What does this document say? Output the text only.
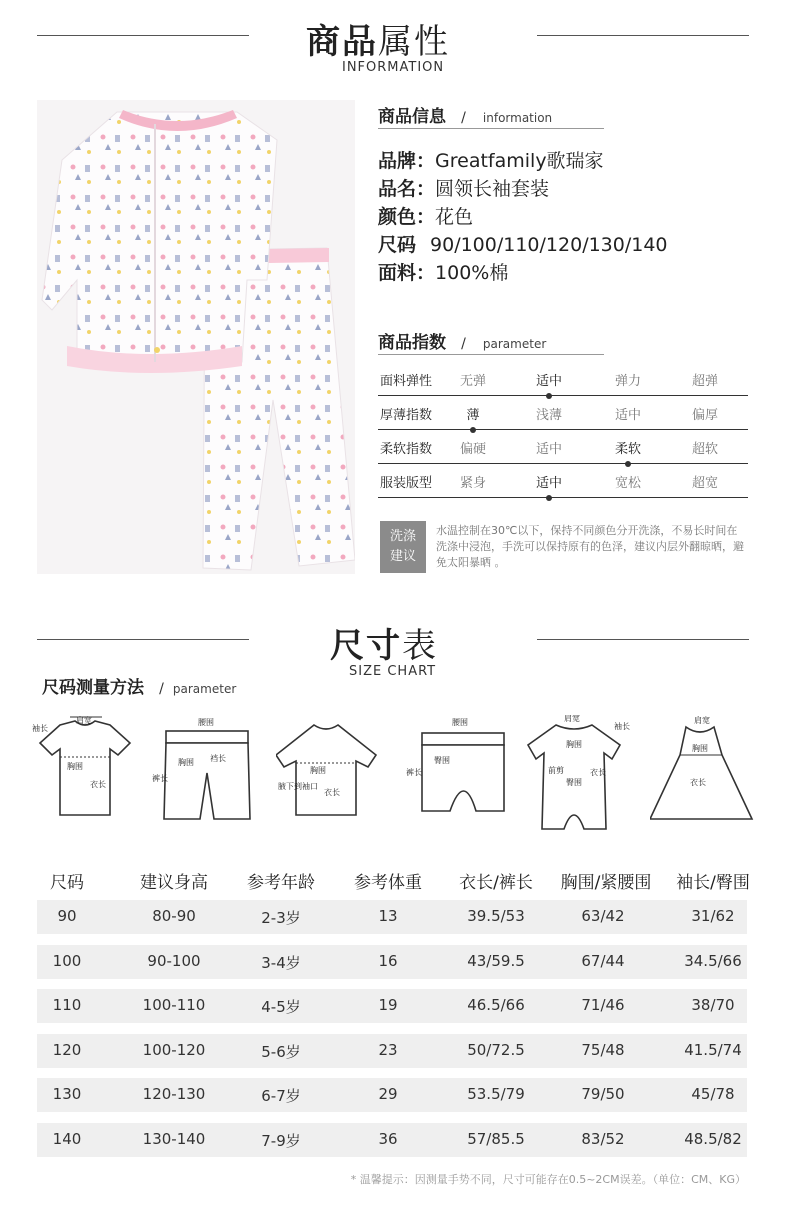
商品属性
INFORMATION
商品信息 / information
品牌：Greatfamily歌瑞家
品名：圆领长袖套装
颜色：花色
尺码 90/100/110/120/130/140
面料：100%棉
商品指数 / parameter
面料弹性	无弹	适中	弹力	超弹
厚薄指数	薄	浅薄	适中	偏厚
柔软指数	偏硬	适中	柔软	超软
服装版型	紧身	适中	宽松	超宽
洗涤
建议
水温控制在30℃以下，保持不同颜色分开洗涤，不易长时间在洗涤中浸泡，手洗可以保持原有的色泽，建议内层外翻晾晒，避免太阳暴晒 。
尺寸表
SIZE CHART
尺码测量方法 / parameter
袖长
肩宽
胸围
衣长
腰围
胸围 裆长
裤长
胸围
腋下到袖口
衣长
腰围
臀围
裤长
肩宽
袖长
胸围
前剪
臀围
衣长
肩宽
胸围
衣长
尺码	建议身高	参考年龄	参考体重	衣长/裤长	胸围/紧腰围	袖长/臀围
90	80-90	2-3岁	13	39.5/53	63/42	31/62
100	90-100	3-4岁	16	43/59.5	67/44	34.5/66
110	100-110	4-5岁	19	46.5/66	71/46	38/70
120	100-120	5-6岁	23	50/72.5	75/48	41.5/74
130	120-130	6-7岁	29	53.5/79	79/50	45/78
140	130-140	7-9岁	36	57/85.5	83/52	48.5/82
* 温馨提示：因测量手势不同，尺寸可能存在0.5~2CM误差。（单位：CM、KG）
